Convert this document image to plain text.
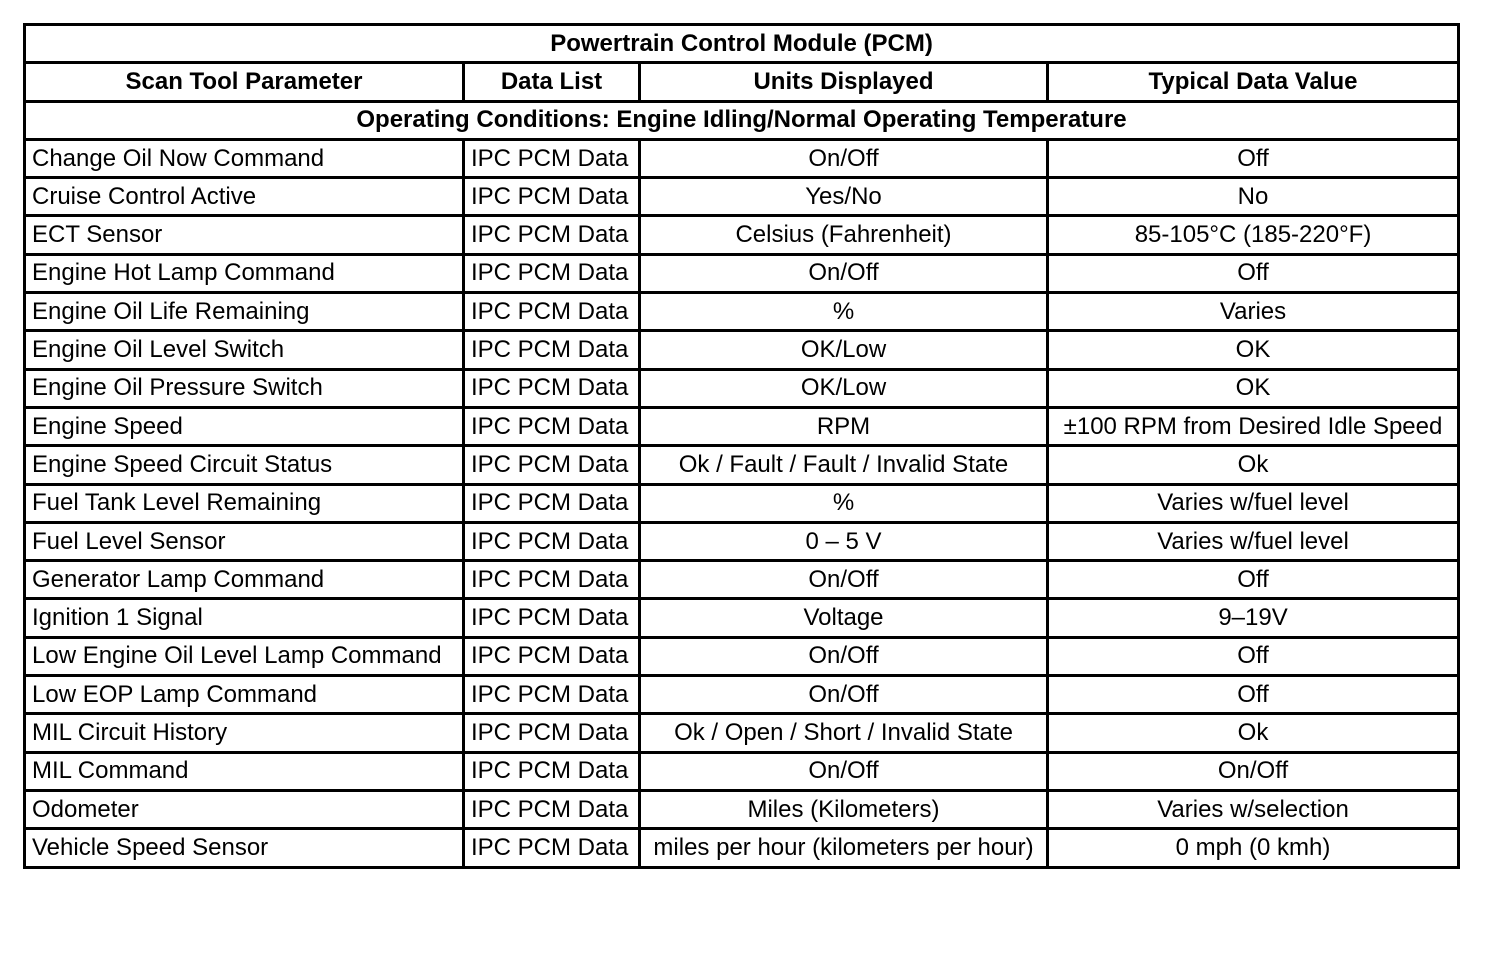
Powertrain Control Module (PCM)			
Scan Tool Parameter	Data List	Units Displayed	Typical Data Value
Operating Conditions: Engine Idling/Normal Operating Temperature			
Change Oil Now Command	IPC PCM Data	On/Off	Off
Cruise Control Active	IPC PCM Data	Yes/No	No
ECT Sensor	IPC PCM Data	Celsius (Fahrenheit)	85-105°C (185-220°F)
Engine Hot Lamp Command	IPC PCM Data	On/Off	Off
Engine Oil Life Remaining	IPC PCM Data	%	Varies
Engine Oil Level Switch	IPC PCM Data	OK/Low	OK
Engine Oil Pressure Switch	IPC PCM Data	OK/Low	OK
Engine Speed	IPC PCM Data	RPM	±100 RPM from Desired Idle Speed
Engine Speed Circuit Status	IPC PCM Data	Ok / Fault / Fault / Invalid State	Ok
Fuel Tank Level Remaining	IPC PCM Data	%	Varies w/fuel level
Fuel Level Sensor	IPC PCM Data	0 – 5 V	Varies w/fuel level
Generator Lamp Command	IPC PCM Data	On/Off	Off
Ignition 1 Signal	IPC PCM Data	Voltage	9–19V
Low Engine Oil Level Lamp Command	IPC PCM Data	On/Off	Off
Low EOP Lamp Command	IPC PCM Data	On/Off	Off
MIL Circuit History	IPC PCM Data	Ok / Open / Short / Invalid State	Ok
MIL Command	IPC PCM Data	On/Off	On/Off
Odometer	IPC PCM Data	Miles (Kilometers)	Varies w/selection
Vehicle Speed Sensor	IPC PCM Data	miles per hour (kilometers per hour)	0 mph (0 kmh)
